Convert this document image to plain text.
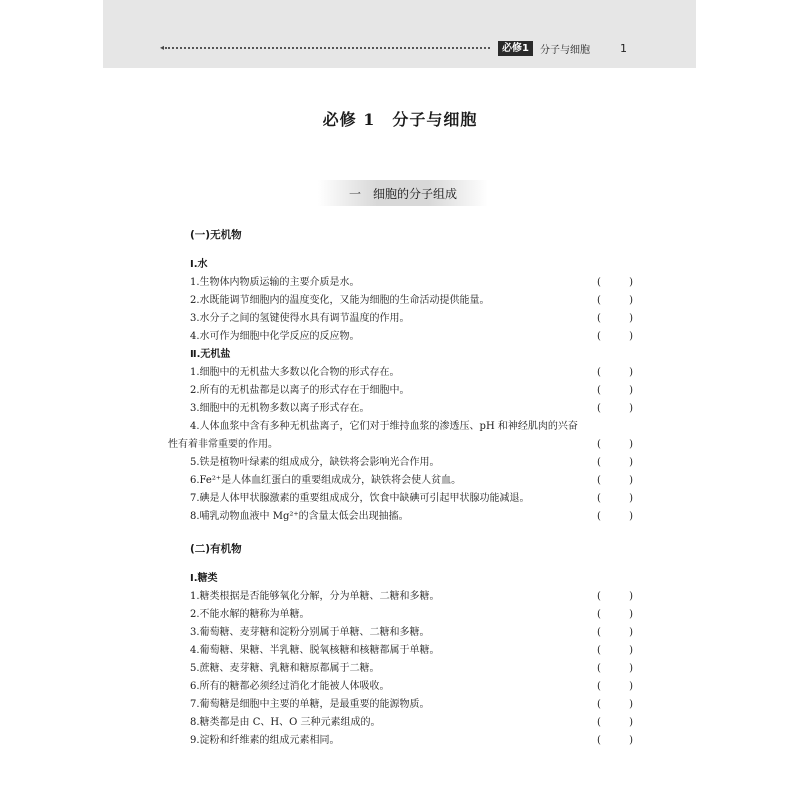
◂	必修1	分子与细胞	1
必修 1　分子与细胞
一　细胞的分子组成
(一)无机物
Ⅰ.水
1.生物体内物质运输的主要介质是水。	(	)
2.水既能调节细胞内的温度变化，又能为细胞的生命活动提供能量。	(	)
3.水分子之间的氢键使得水具有调节温度的作用。	(	)
4.水可作为细胞中化学反应的反应物。	(	)
Ⅱ.无机盐
1.细胞中的无机盐大多数以化合物的形式存在。	(	)
2.所有的无机盐都是以离子的形式存在于细胞中。	(	)
3.细胞中的无机物多数以离子形式存在。	(	)
4.人体血浆中含有多种无机盐离子，它们对于维持血浆的渗透压、pH 和神经肌肉的兴奋
性有着非常重要的作用。	(	)
5.铁是植物叶绿素的组成成分，缺铁将会影响光合作用。	(	)
6.Fe²⁺是人体血红蛋白的重要组成成分，缺铁将会使人贫血。	(	)
7.碘是人体甲状腺激素的重要组成成分，饮食中缺碘可引起甲状腺功能减退。	(	)
8.哺乳动物血液中 Mg²⁺的含量太低会出现抽搐。	(	)
(二)有机物
Ⅰ.糖类
1.糖类根据是否能够氧化分解，分为单糖、二糖和多糖。	(	)
2.不能水解的糖称为单糖。	(	)
3.葡萄糖、麦芽糖和淀粉分别属于单糖、二糖和多糖。	(	)
4.葡萄糖、果糖、半乳糖、脱氧核糖和核糖都属于单糖。	(	)
5.蔗糖、麦芽糖、乳糖和糖原都属于二糖。	(	)
6.所有的糖都必须经过消化才能被人体吸收。	(	)
7.葡萄糖是细胞中主要的单糖，是最重要的能源物质。	(	)
8.糖类都是由 C、H、O 三种元素组成的。	(	)
9.淀粉和纤维素的组成元素相同。	(	)
